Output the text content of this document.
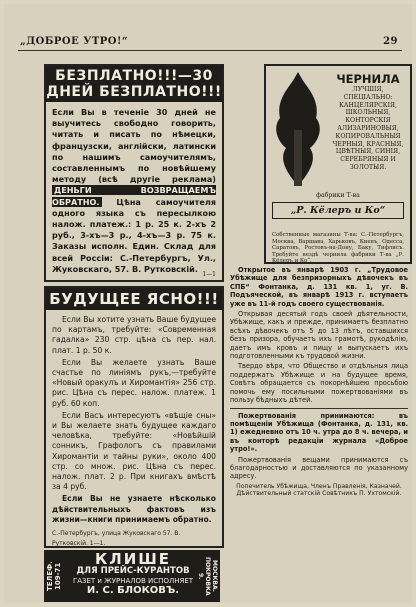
„ДОБРОЕ УТРО!“	29
БЕЗПЛАТНО!!!—30 ДНЕЙ БЕЗПЛАТНО!!!
Если Вы в теченiе 30 дней не выучитесь свободно говорить, читать и писать по нѣмецки, французски, англiйски, латински по нашимъ самоучителямъ, составленнымъ по новѣйшему методу (всѣ другiе реклама) ДЕНЬГИ ВОЗВРАЩАЕМЪ ОБРАТНО. Цѣна самоучителя одного языка съ пересылкою налож. платеж.: 1 р. 25 к. 2-хъ 2 руб., 3-хъ—3 р., 4-хъ—3 р. 75 к. Заказы исполн. Един. Склад для всей Россiи: С.-Петербургъ, Ул., Жуковскаго, 57. В. Рутковскiй.
1—1
БУДУЩЕЕ ЯСНО!!!

Если Вы хотите узнать Ваше будущее по картамъ, требуйте: «Современная гадалка» 230 стр. цѣна съ пер. нал. плат. 1 р. 50 к.

Если Вы желаете узнать Ваше счастье по линiямъ рукъ,—требуйте «Новый оракулъ и Хиромантiя» 256 стр. рис. Цѣна съ перес. налож. платеж. 1 руб. 60 коп.

Если Васъ интересуютъ «вѣщiе сны» и Вы желаете знать будущее каждаго человѣка, требуйте: «Новѣйшiй сонникъ, Графологъ съ правилами Хиромантiи и тайны руки», около 400 стр. со множ. рис. Цѣна съ перес. налож. плат. 2 р. При книгахъ вмѣстѣ за 4 руб.

Если Вы не узнаете нѣсколько дѣйствительныхъ фактовъ изъ жизни—книги принимаемъ обратно.

С.-Петербургъ, улица Жуковскаго 57. В. Рутковскiй. 1—1.
ЧЕРНИЛА
ЛУЧШIЯ,
СПЕЦIАЛЬНО:
КАНЦЕЛЯРСКIЯ,
ШКОЛЬНЫЯ,
КОНТОРСКIЯ
АЛИЗАРИНОВЫЯ,
КОПИРОВАЛЬНЫЯ
ЧЕРНЫЯ, КРАСНЫЯ,
ЦВѢТНЫЯ, СИНIЯ,
СЕРЕБРЯНЫЯ И ЗОЛОТЫЯ.
фабрики Т-ва
„Р. Кёлеръ и Ко“
Собственные магазины Т-ва: С.-Петербургъ, Москва, Варшава, Харьковъ, Киевъ, Одесса, Саратовъ, Ростовъ-на-Дону, Баку, Тифлисъ. Требуйте вездѣ чернила фабрики Т-ва „Р. Кёлеръ и Ко“.

Открытое въ январѣ 1903 г. „Трудовое Убѣжище для безпризорныхъ дѣвочекъ въ СПБ“ Фонтанка, д. 131 кв. 1, уг. В. Подъяческой, въ январѣ 1913 г. вступаетъ уже въ 11-й годъ своего существованiя.

Открывая десятый годъ своей дѣятельности, Убѣжище, какъ и прежде, принимаетъ безплатно всѣхъ дѣвочекъ отъ 5 до 13 лѣтъ, оставшихся безъ призора, обучаетъ ихъ грамотѣ, рукодѣлiю, даетъ имъ кровъ и пищу и выпускаетъ ихъ подготовленными къ трудовой жизни.

Твердо вѣря, что Общество и отдѣльныя лица поддержатъ Убѣжище и на будущее время, Совѣтъ обращается съ покорнѣйшею просьбою помочь ему посильными пожертвованiями въ пользу бѣдныхъ дѣтей.

Пожертвованiя принимаются: въ помѣщенiи Убѣжища (Фонтанка, д. 131, кв. 1) ежедневно отъ 10 ч. утра до 8 ч. вечера, и въ конторѣ редакцiи журнала «Доброе утро!».

Пожертвованiя вещами принимаются съ благодарностью и доставляются по указанному адресу.

Попечитель Убѣжища, Членъ Правленiя, Казначей.
Дѣйствительный статскiй Совѣтникъ П. Ухтомскiй.
ТЕЛЕФ. 109-71
КЛИШЕ
ДЛЯ ПРЕЙС-КУРАНТОВ
ГАЗЕТ и ЖУРНАЛОВ ИСПОЛНЯЕТ
И. С. БЛОКОВЪ.	МОСКВА. ПОКРОВКА 9.
